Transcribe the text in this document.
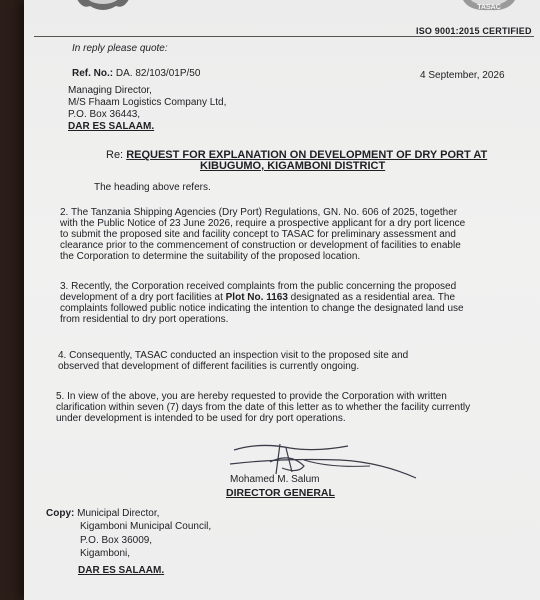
TASAC
ISO 9001:2015 CERTIFIED
In reply please quote:
Ref. No.: DA. 82/103/01P/50	4 September, 2026
Managing Director,
M/S Fhaam Logistics Company Ltd,
P.O. Box 36443,
DAR ES SALAAM.
Re: REQUEST FOR EXPLANATION ON DEVELOPMENT OF DRY PORT AT
KIBUGUMO, KIGAMBONI DISTRICT
The heading above refers.
2. The Tanzania Shipping Agencies (Dry Port) Regulations, GN. No. 606 of 2025, together
with the Public Notice of 23 June 2026, require a prospective applicant for a dry port licence
to submit the proposed site and facility concept to TASAC for preliminary assessment and
clearance prior to the commencement of construction or development of facilities to enable
the Corporation to determine the suitability of the proposed location.
3. Recently, the Corporation received complaints from the public concerning the proposed
development of a dry port facilities at Plot No. 1163 designated as a residential area. The
complaints followed public notice indicating the intention to change the designated land use
from residential to dry port operations.
4. Consequently, TASAC conducted an inspection visit to the proposed site and
observed that development of different facilities is currently ongoing.
5. In view of the above, you are hereby requested to provide the Corporation with written
clarification within seven (7) days from the date of this letter as to whether the facility currently
under development is intended to be used for dry port operations.
Mohamed M. Salum
DIRECTOR GENERAL
Copy: Municipal Director,
Kigamboni Municipal Council,
P.O. Box 36009,
Kigamboni,
DAR ES SALAAM.
